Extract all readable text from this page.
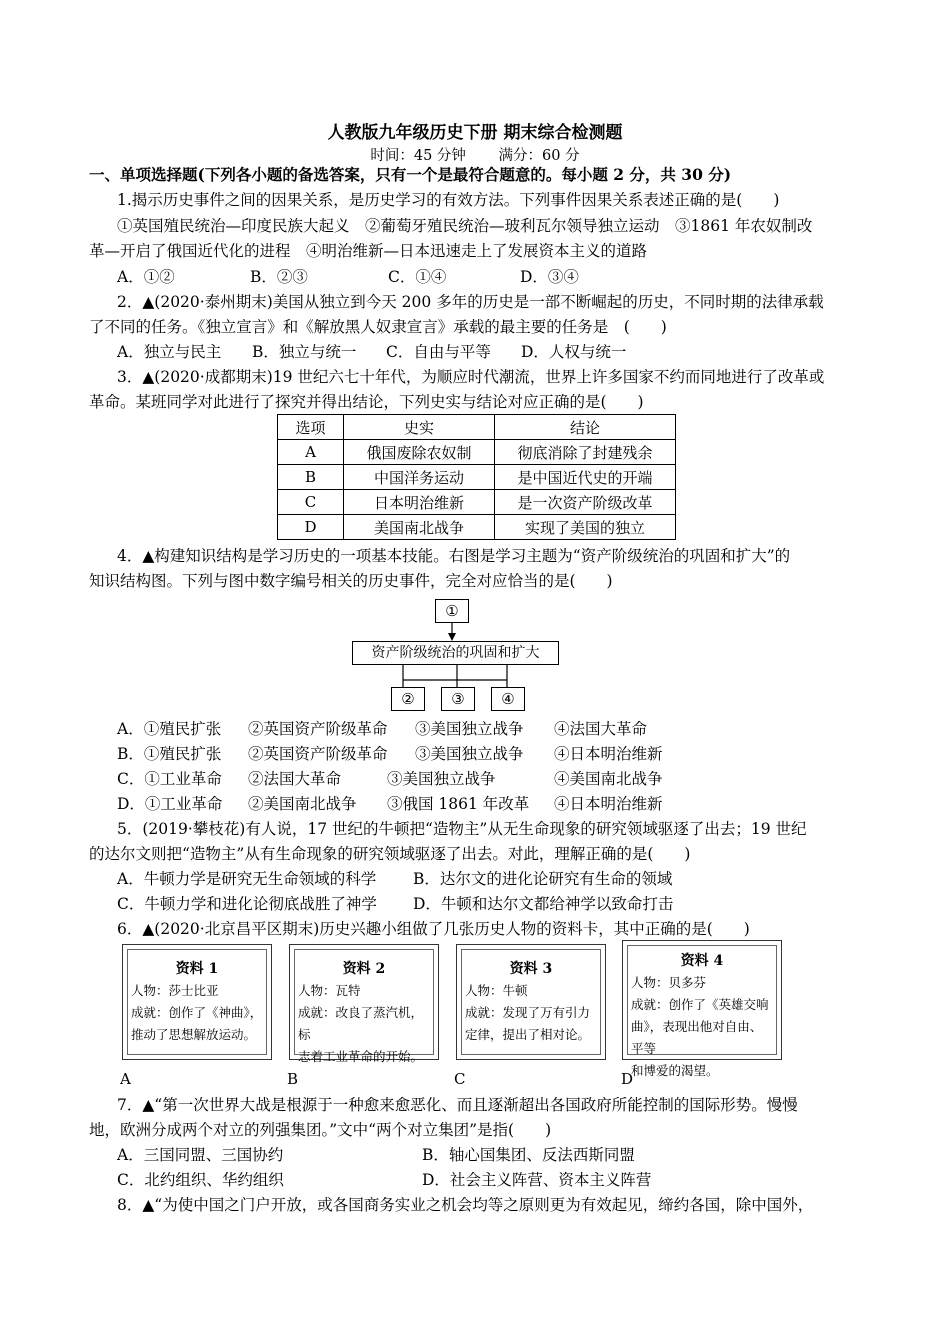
人教版九年级历史下册 期末综合检测题
时间：45 分钟 满分：60 分
一、单项选择题(下列各小题的备选答案，只有一个是最符合题意的。每小题 2 分，共 30 分)
1.揭示历史事件之间的因果关系，是历史学习的有效方法。下列事件因果关系表述正确的是(　　)
①英国殖民统治—印度民族大起义　②葡萄牙殖民统治—玻利瓦尔领导独立运动　③1861 年农奴制改
革—开启了俄国近代化的进程　④明治维新—日本迅速走上了发展资本主义的道路
A．①②	B．②③	C．①④	D．③④
2．▲(2020·泰州期末)美国从独立到今天 200 多年的历史是一部不断崛起的历史，不同时期的法律承载
了不同的任务。《独立宣言》和《解放黑人奴隶宣言》承载的最主要的任务是　(　　)
A．独立与民主 B．独立与统一 C．自由与平等 D．人权与统一
3．▲(2020·成都期末)19 世纪六七十年代，为顺应时代潮流，世界上许多国家不约而同地进行了改革或
革命。某班同学对此进行了探究并得出结论，下列史实与结论对应正确的是(　　)
选项	史实	结论
A	俄国废除农奴制	彻底消除了封建残余
B	中国洋务运动	是中国近代史的开端
C	日本明治维新	是一次资产阶级改革
D	美国南北战争	实现了美国的独立
4．▲构建知识结构是学习历史的一项基本技能。右图是学习主题为“资产阶级统治的巩固和扩大”的
知识结构图。下列与图中数字编号相关的历史事件，完全对应恰当的是(　　)
①
资产阶级统治的巩固和扩大
②	③	④
A．①殖民扩张 ②英国资产阶级革命 ③美国独立战争 ④法国大革命
B．①殖民扩张 ②英国资产阶级革命 ③美国独立战争 ④日本明治维新
C．①工业革命 ②法国大革命	③美国独立战争	④美国南北战争
D．①工业革命 ②美国南北战争 ③俄国 1861 年改革 ④日本明治维新
5．(2019·攀枝花)有人说，17 世纪的牛顿把“造物主”从无生命现象的研究领域驱逐了出去；19 世纪
的达尔文则把“造物主”从有生命现象的研究领域驱逐了出去。对此，理解正确的是(　　)
A．牛顿力学是研究无生命领域的科学 B．达尔文的进化论研究有生命的领域
C．牛顿力学和进化论彻底战胜了神学 D．牛顿和达尔文都给神学以致命打击
6．▲(2020·北京昌平区期末)历史兴趣小组做了几张历史人物的资料卡，其中正确的是(　　)
资料 1
人物：莎士比亚
成就：创作了《神曲》，
推动了思想解放运动。
资料 2
人物：瓦特
成就：改良了蒸汽机，标
志着工业革命的开始。
资料 3
人物：牛顿
成就：发现了万有引力
定律，提出了相对论。
资料 4
人物：贝多芬
成就：创作了《英雄交响
曲》，表现出他对自由、平等
和博爱的渴望。
A	B	C	D
7．▲“第一次世界大战是根源于一种愈来愈恶化、而且逐渐超出各国政府所能控制的国际形势。慢慢
地，欧洲分成两个对立的列强集团。”文中“两个对立集团”是指(　　)
A．三国同盟、三国协约	B．轴心国集团、反法西斯同盟
C．北约组织、华约组织	D．社会主义阵营、资本主义阵营
8．▲“为使中国之门户开放，或各国商务实业之机会均等之原则更为有效起见，缔约各国，除中国外，
